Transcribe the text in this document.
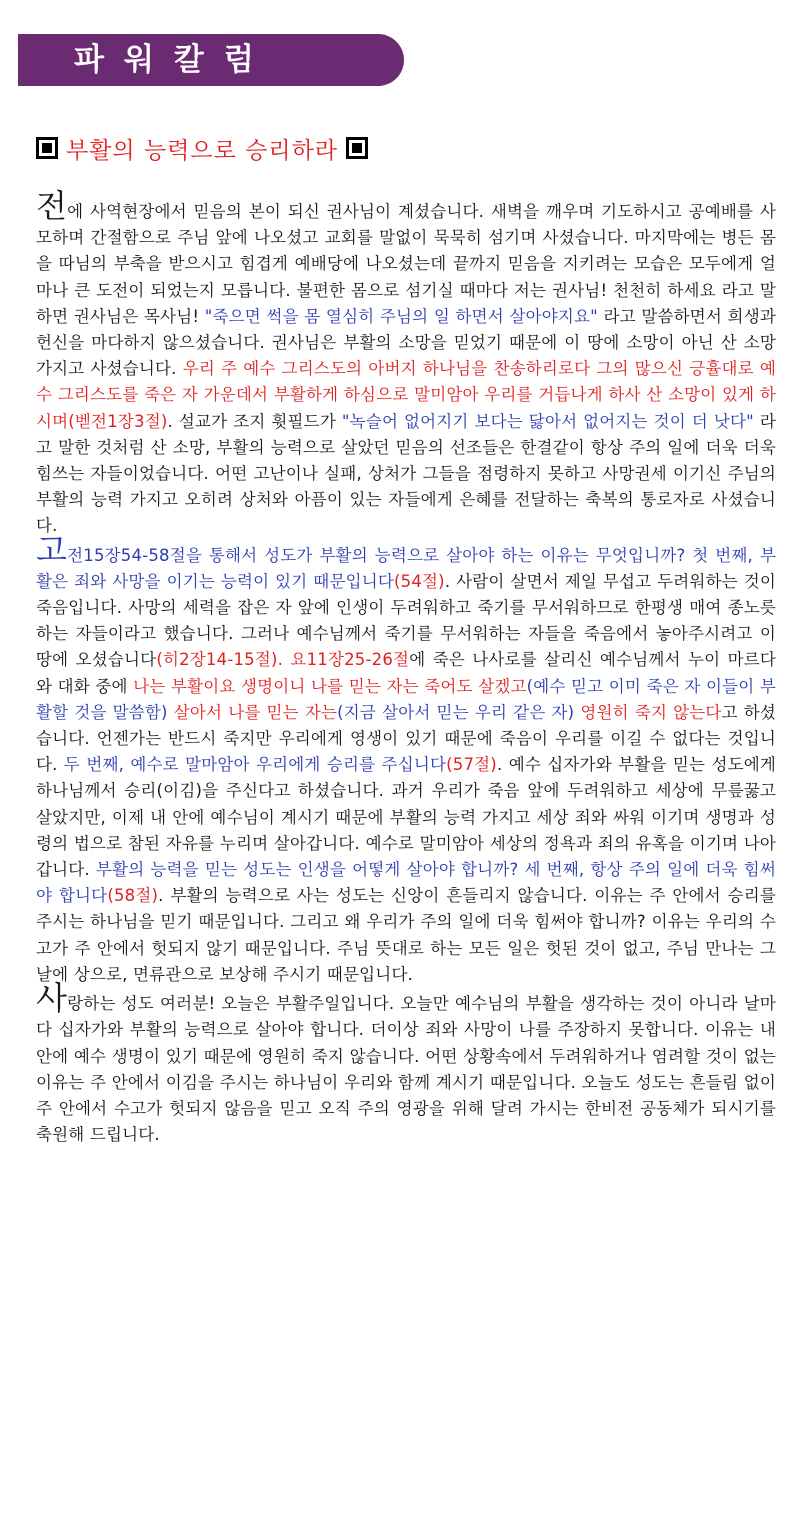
파워칼럼
부활의 능력으로 승리하라

전에 사역현장에서 믿음의 본이 되신 권사님이 계셨습니다. 새벽을 깨우며 기도하시고 공예배를 사모하며 간절함으로 주님 앞에 나오셨고 교회를 말없이 묵묵히 섬기며 사셨습니다. 마지막에는 병든 몸을 따님의 부축을 받으시고 힘겹게 예배당에 나오셨는데 끝까지 믿음을 지키려는 모습은 모두에게 얼마나 큰 도전이 되었는지 모릅니다. 불편한 몸으로 섬기실 때마다 저는 권사님! 천천히 하세요 라고 말하면 권사님은 목사님! "죽으면 썩을 몸 열심히 주님의 일 하면서 살아야지요" 라고 말씀하면서 희생과 헌신을 마다하지 않으셨습니다. 권사님은 부활의 소망을 믿었기 때문에 이 땅에 소망이 아닌 산 소망 가지고 사셨습니다. 우리 주 예수 그리스도의 아버지 하나님을 찬송하리로다 그의 많으신 긍휼대로 예수 그리스도를 죽은 자 가운데서 부활하게 하심으로 말미암아 우리를 거듭나게 하사 산 소망이 있게 하시며(벧전1장3절). 설교가 조지 휫필드가 "녹슬어 없어지기 보다는 닳아서 없어지는 것이 더 낫다" 라고 말한 것처럼 산 소망, 부활의 능력으로 살았던 믿음의 선조들은 한결같이 항상 주의 일에 더욱 더욱 힘쓰는 자들이었습니다. 어떤 고난이나 실패, 상처가 그들을 점령하지 못하고 사망권세 이기신 주님의 부활의 능력 가지고 오히려 상처와 아픔이 있는 자들에게 은혜를 전달하는 축복의 통로자로 사셨습니다.

고전15장54-58절을 통해서 성도가 부활의 능력으로 살아야 하는 이유는 무엇입니까? 첫 번째, 부활은 죄와 사망을 이기는 능력이 있기 때문입니다(54절). 사람이 살면서 제일 무섭고 두려워하는 것이 죽음입니다. 사망의 세력을 잡은 자 앞에 인생이 두려워하고 죽기를 무서워하므로 한평생 매여 종노릇하는 자들이라고 했습니다. 그러나 예수님께서 죽기를 무서워하는 자들을 죽음에서 놓아주시려고 이 땅에 오셨습니다(히2장14-15절). 요11장25-26절에 죽은 나사로를 살리신 예수님께서 누이 마르다와 대화 중에 나는 부활이요 생명이니 나를 믿는 자는 죽어도 살겠고(예수 믿고 이미 죽은 자 이들이 부활할 것을 말씀함) 살아서 나를 믿는 자는(지금 살아서 믿는 우리 같은 자) 영원히 죽지 않는다고 하셨습니다. 언젠가는 반드시 죽지만 우리에게 영생이 있기 때문에 죽음이 우리를 이길 수 없다는 것입니다. 두 번째, 예수로 말마암아 우리에게 승리를 주십니다(57절). 예수 십자가와 부활을 믿는 성도에게 하나님께서 승리(이김)을 주신다고 하셨습니다. 과거 우리가 죽음 앞에 두려워하고 세상에 무릎꿇고 살았지만, 이제 내 안에 예수님이 계시기 때문에 부활의 능력 가지고 세상 죄와 싸워 이기며 생명과 성령의 법으로 참된 자유를 누리며 살아갑니다. 예수로 말미암아 세상의 정욕과 죄의 유혹을 이기며 나아갑니다. 부활의 능력을 믿는 성도는 인생을 어떻게 살아야 합니까? 세 번째, 항상 주의 일에 더욱 힘써야 합니다(58절). 부활의 능력으로 사는 성도는 신앙이 흔들리지 않습니다. 이유는 주 안에서 승리를 주시는 하나님을 믿기 때문입니다. 그리고 왜 우리가 주의 일에 더욱 힘써야 합니까? 이유는 우리의 수고가 주 안에서 헛되지 않기 때문입니다. 주님 뜻대로 하는 모든 일은 헛된 것이 없고, 주님 만나는 그 날에 상으로, 면류관으로 보상해 주시기 때문입니다.

사랑하는 성도 여러분! 오늘은 부활주일입니다. 오늘만 예수님의 부활을 생각하는 것이 아니라 날마다 십자가와 부활의 능력으로 살아야 합니다. 더이상 죄와 사망이 나를 주장하지 못합니다. 이유는 내 안에 예수 생명이 있기 때문에 영원히 죽지 않습니다. 어떤 상황속에서 두려워하거나 염려할 것이 없는 이유는 주 안에서 이김을 주시는 하나님이 우리와 함께 계시기 때문입니다. 오늘도 성도는 흔들림 없이 주 안에서 수고가 헛되지 않음을 믿고 오직 주의 영광을 위해 달려 가시는 한비전 공동체가 되시기를 축원해 드립니다.
